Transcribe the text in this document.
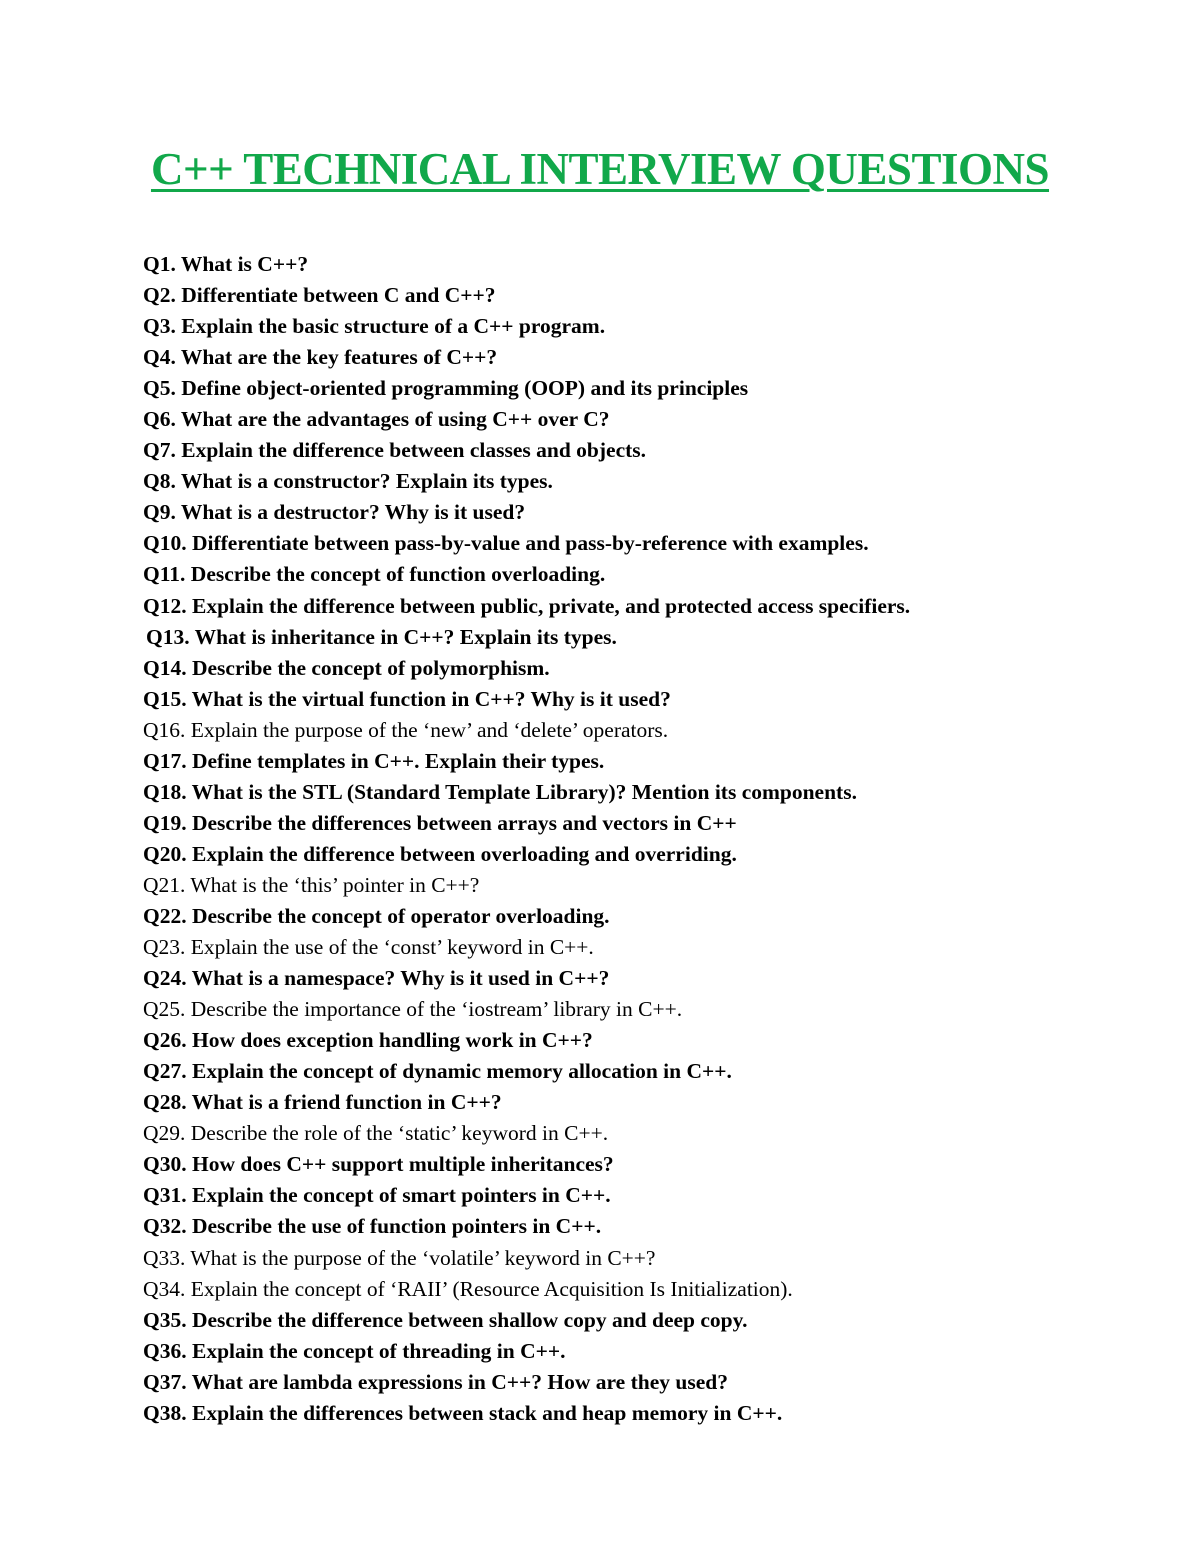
C++ TECHNICAL INTERVIEW QUESTIONS
Q1. What is C++?
Q2. Differentiate between C and C++?
Q3. Explain the basic structure of a C++ program.
Q4. What are the key features of C++?
Q5. Define object-oriented programming (OOP) and its principles
Q6. What are the advantages of using C++ over C?
Q7. Explain the difference between classes and objects.
Q8. What is a constructor? Explain its types.
Q9. What is a destructor? Why is it used?
Q10. Differentiate between pass-by-value and pass-by-reference with examples.
Q11. Describe the concept of function overloading.
Q12. Explain the difference between public, private, and protected access specifiers.
Q13. What is inheritance in C++? Explain its types.
Q14. Describe the concept of polymorphism.
Q15. What is the virtual function in C++? Why is it used?
Q16. Explain the purpose of the ‘new’ and ‘delete’ operators.
Q17. Define templates in C++. Explain their types.
Q18. What is the STL (Standard Template Library)? Mention its components.
Q19. Describe the differences between arrays and vectors in C++
Q20. Explain the difference between overloading and overriding.
Q21. What is the ‘this’ pointer in C++?
Q22. Describe the concept of operator overloading.
Q23. Explain the use of the ‘const’ keyword in C++.
Q24. What is a namespace? Why is it used in C++?
Q25. Describe the importance of the ‘iostream’ library in C++.
Q26. How does exception handling work in C++?
Q27. Explain the concept of dynamic memory allocation in C++.
Q28. What is a friend function in C++?
Q29. Describe the role of the ‘static’ keyword in C++.
Q30. How does C++ support multiple inheritances?
Q31. Explain the concept of smart pointers in C++.
Q32. Describe the use of function pointers in C++.
Q33. What is the purpose of the ‘volatile’ keyword in C++?
Q34. Explain the concept of ‘RAII’ (Resource Acquisition Is Initialization).
Q35. Describe the difference between shallow copy and deep copy.
Q36. Explain the concept of threading in C++.
Q37. What are lambda expressions in C++? How are they used?
Q38. Explain the differences between stack and heap memory in C++.
